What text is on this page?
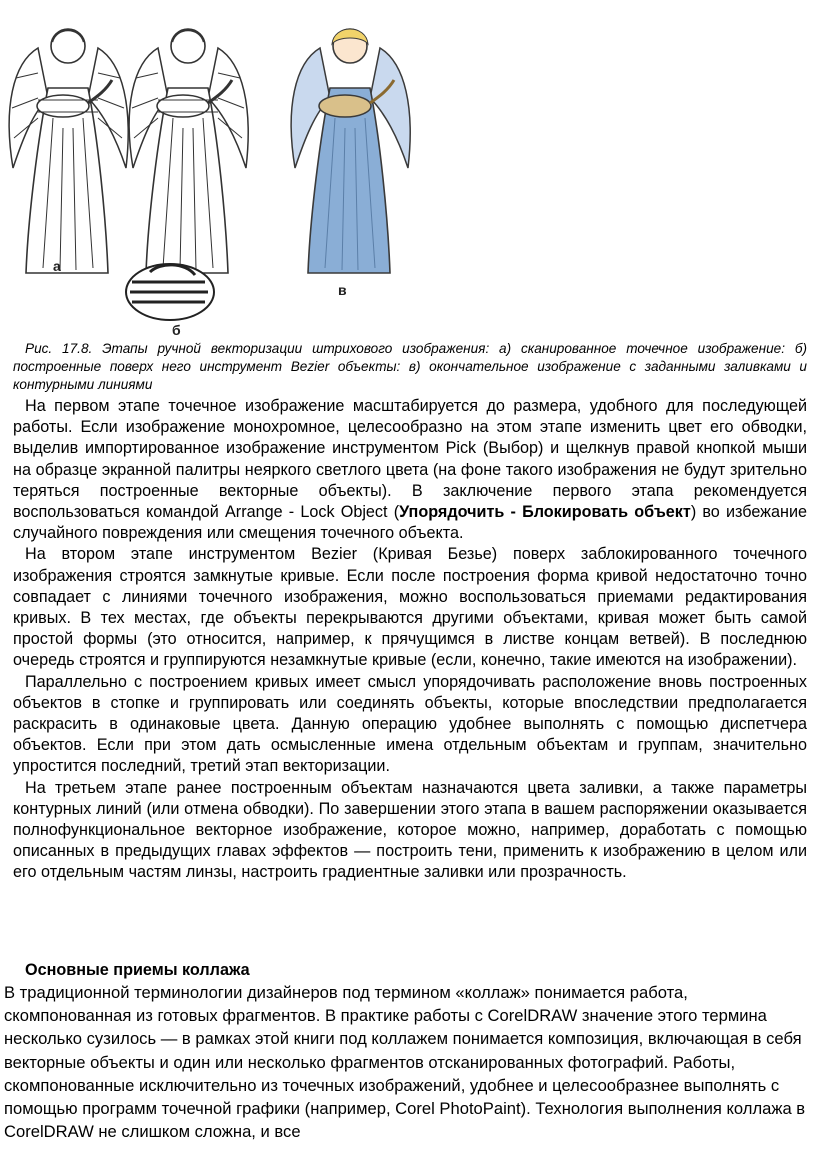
а
б
в
Рис. 17.8. Этапы ручной векторизации штрихового изображения: а) сканированное точечное изображение: б) построенные поверх него инструмент Bezier объекты: в) окончательное изображение с заданными заливками и контурными линиями

На первом этапе точечное изображение масштабируется до размера, удобного для последующей работы. Если изображение монохромное, целесообразно на этом этапе изменить цвет его обводки, выделив импортированное изображение инструментом Pick (Выбор) и щелкнув правой кнопкой мыши на образце экранной палитры неяркого светлого цвета (на фоне такого изображения не будут зрительно теряться построенные векторные объекты). В заключение первого этапа рекомендуется воспользоваться командой Arrange - Lock Object (Упорядочить - Блокировать объект) во избежание случайного повреждения или смещения точечного объекта.

На втором этапе инструментом Bezier (Кривая Безье) поверх заблокированного точечного изображения строятся замкнутые кривые. Если после построения форма кривой недостаточно точно совпадает с линиями точечного изображения, можно воспользоваться приемами редактирования кривых. В тех местах, где объекты перекрываются другими объектами, кривая может быть самой простой формы (это относится, например, к прячущимся в листве концам ветвей). В последнюю очередь строятся и группируются незамкнутые кривые (если, конечно, такие имеются на изображении).

Параллельно с построением кривых имеет смысл упорядочивать расположение вновь построенных объектов в стопке и группировать или соединять объекты, которые впоследствии предполагается раскрасить в одинаковые цвета. Данную операцию удобнее выполнять с помощью диспетчера объектов. Если при этом дать осмысленные имена отдельным объектам и группам, значительно упростится последний, третий этап векторизации.

На третьем этапе ранее построенным объектам назначаются цвета заливки, а также параметры контурных линий (или отмена обводки). По завершении этого этапа в вашем распоряжении оказывается полнофункциональное векторное изображение, которое можно, например, доработать с помощью описанных в предыдущих главах эффектов — построить тени, применить к изображению в целом или его отдельным частям линзы, настроить градиентные заливки или прозрачность.

Основные приемы коллажа

В традиционной терминологии дизайнеров под термином «коллаж» понимается работа, скомпонованная из готовых фрагментов. В практике работы с CorelDRAW значение этого термина несколько сузилось — в рамках этой книги под коллажем понимается композиция, включающая в себя векторные объекты и один или несколько фрагментов отсканированных фотографий. Работы, скомпонованные исключительно из точечных изображений, удобнее и целесообразнее выполнять с помощью программ точечной графики (например, Corel PhotoPaint). Технология выполнения коллажа в CorelDRAW не слишком сложна, и все
